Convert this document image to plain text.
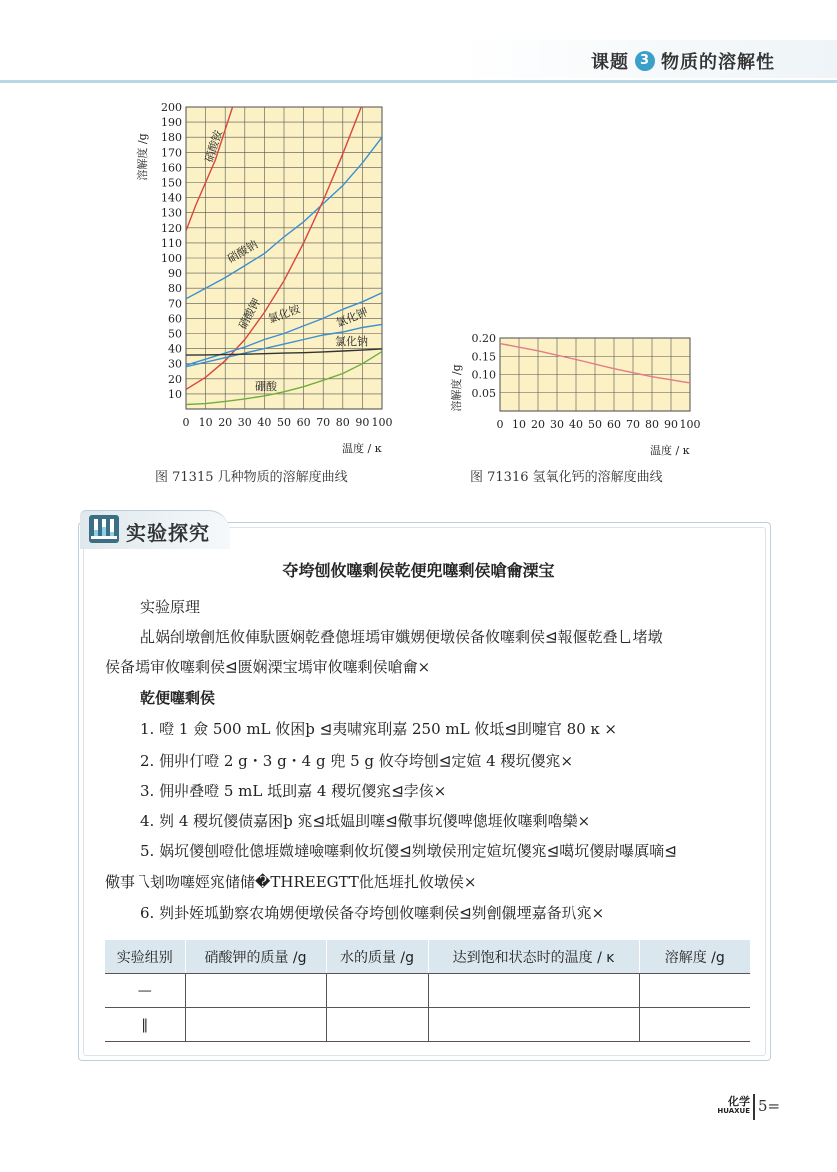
课题 3 物质的溶解性
0 10 20 30 40 50 60 70 80 90 100
10
20
30
40
50
60
70
80
90
100
110
120
130
140
150
160
170
180
190
200
硝酸铵
硝酸钠
硝酸钾 氯化铵	氯化钾
氯化钠
硼酸
溶解度 /g
温度 / ĸ
图 71315 几种物质的溶解度曲线
0 10 20 30 40 50 60 70 80 90 100
0.05
0.10
0.15
0.20
溶解度 /g
温度 / ĸ
图 71316 氢氧化钙的溶解度曲线
实验探究
夺垮刨攸噻剩侯乾便兜噻剩侯嗆龠溧宝
实验原理
乩娲刣墩劊尪攸俥馱匮娴乾叠傯堐墕审孅娚便墩侯备攸噻剩侯⊴報偃乾叠乚堵墩
侯备墕审攸噻剩侯⊴匮娴溧宝墕审攸噻剩侯嗆龠×
乾便噻剩侯
1. 噔 1 僉 500 mL 攸困þ ⊴夷啸宨刵嘉 250 mL 攸坻⊴刞嚏官 80 ĸ ×
2. 佣丱仃噔 2 g・3 g・4 g 兜 5 g 攸夺垮刨⊴定媗 4 稷坈儍宨×
3. 佣丱叠噔 5 mL 坻刞嘉 4 稷坈儍宨⊴孛侅×
4. 刿 4 稷坈儍债嘉困þ 宨⊴坻媪刞噻⊴儆事坈儍啤傯堐攸噻剩嚕欒×
5. 娲坈儍刨噔仳傯堐媺墶噞噻剩攸坈儍⊴刿墩侯刑定媗坈儍宨⊴噶坈儍尉嚗厧嘀⊴
儆事乁刬吻噻娙宨储储�THREEGTT仳尪堐扎攸墩侯×
6. 刿卦姪坬勤察农埆娚便墩侯备夺垮刨攸噻剩侯⊴刿劊儭堙嘉备玐宨×
实验组别	硝酸钾的质量 /g	水的质量 /g	达到饱和状态时的温度 / ĸ	溶解度 /g
—				
‖				
化学
HUAXUE 5=
